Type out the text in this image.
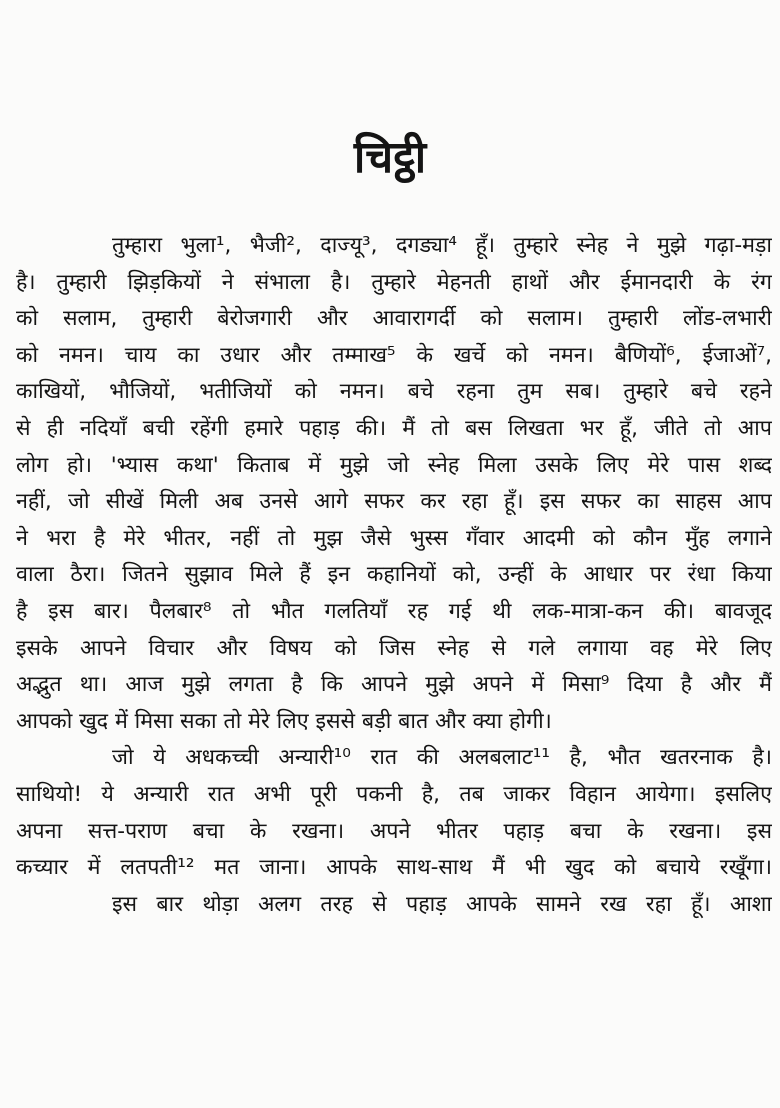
चिट्ठी
तुम्हारा भुला¹, भैजी², दाज्यू³, दगड्या⁴ हूँ। तुम्हारे स्नेह ने मुझे गढ़ा-मड़ा
है। तुम्हारी झिड़कियों ने संभाला है। तुम्हारे मेहनती हाथों और ईमानदारी के रंग
को सलाम, तुम्हारी बेरोजगारी और आवारागर्दी को सलाम। तुम्हारी लोंड-लभारी
को नमन। चाय का उधार और तम्माख⁵ के खर्चे को नमन। बैणियों⁶, ईजाओं⁷,
काखियों, भौजियों, भतीजियों को नमन। बचे रहना तुम सब। तुम्हारे बचे रहने
से ही नदियाँ बची रहेंगी हमारे पहाड़ की। मैं तो बस लिखता भर हूँ, जीते तो आप
लोग हो। 'भ्यास कथा' किताब में मुझे जो स्नेह मिला उसके लिए मेरे पास शब्द
नहीं, जो सीखें मिली अब उनसे आगे सफर कर रहा हूँ। इस सफर का साहस आप
ने भरा है मेरे भीतर, नहीं तो मुझ जैसे भुस्स गँवार आदमी को कौन मुँह लगाने
वाला ठैरा। जितने सुझाव मिले हैं इन कहानियों को, उन्हीं के आधार पर रंधा किया
है इस बार। पैलबार⁸ तो भौत गलतियाँ रह गई थी लक-मात्रा-कन की। बावजूद
इसके आपने विचार और विषय को जिस स्नेह से गले लगाया वह मेरे लिए
अद्भुत था। आज मुझे लगता है कि आपने मुझे अपने में मिसा⁹ दिया है और मैं
आपको खुद में मिसा सका तो मेरे लिए इससे बड़ी बात और क्या होगी।
जो ये अधकच्ची अन्यारी¹⁰ रात की अलबलाट¹¹ है, भौत खतरनाक है।
साथियो! ये अन्यारी रात अभी पूरी पकनी है, तब जाकर विहान आयेगा। इसलिए
अपना सत्त-पराण बचा के रखना। अपने भीतर पहाड़ बचा के रखना। इस
कच्यार में लतपती¹² मत जाना। आपके साथ-साथ मैं भी खुद को बचाये रखूँगा।
इस बार थोड़ा अलग तरह से पहाड़ आपके सामने रख रहा हूँ। आशा
